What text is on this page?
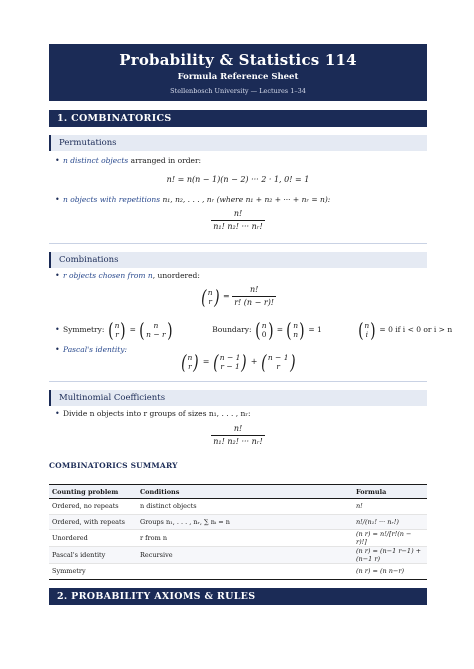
Probability & Statistics 114
Formula Reference Sheet
Stellenbosch University — Lectures 1–34
1. COMBINATORICS
Permutations
• n distinct objects arranged in order:
n! = n(n − 1)(n − 2) ··· 2 · 1, 0! = 1
• n objects with repetitions n₁, n₂, . . . , nᵣ (where n₁ + n₂ + ··· + nᵣ = n):
$\frac{n!}{\text{n₁! n₂! ··· nᵣ!}}$
Combinations
• r objects chosen from n, unordered:
( n
r ) = $\frac{n!}{r! (n - r)!}$
• Symmetry: ( n
r ) = ( n
n − r )	Boundary: ( n
0 ) = ( n
n ) = 1 ( n
i ) = 0 if i < 0 or i > n
• Pascal's identity:
( n
r ) = ( n − 1
r − 1 ) + ( n − 1
r )
Multinomial Coefficients
• Divide n objects into r groups of sizes n₁, . . . , nᵣ:
$\frac{n!}{\text{n₁! n₂! ··· nᵣ!}}$
COMBINATORICS SUMMARY
Counting problem	Conditions	Formula
Ordered, no repeats	n distinct objects	n!
Ordered, with repeats	Groups n₁, . . . , nᵣ, ∑ nᵢ = n	n!/(n₁! ··· nᵣ!)
Unordered	r from n	(n r) = n!/[r!(n − r)!]
Pascal's identity	Recursive	(n r) = (n−1 r−1) + (n−1 r)
Symmetry		(n r) = (n n−r)
2. PROBABILITY AXIOMS & RULES
